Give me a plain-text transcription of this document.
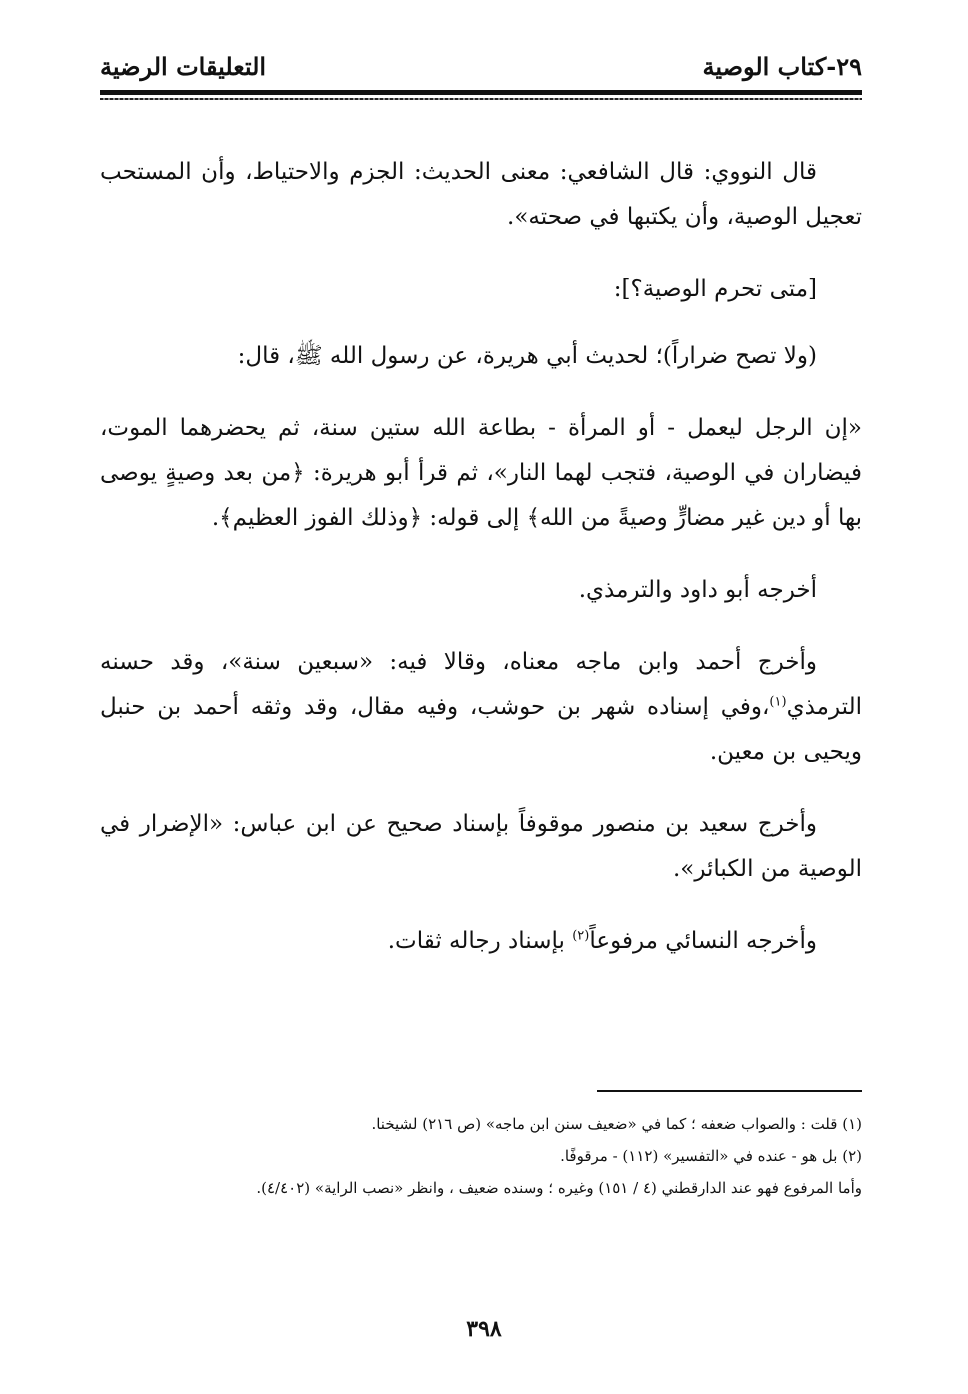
٢٩-كتاب الوصية
التعليقات الرضية

قال النووي: قال الشافعي: معنى الحديث: الجزم والاحتياط، وأن المستحب تعجيل الوصية، وأن يكتبها في صحته».

[متى تحرم الوصية؟]:

(ولا تصح ضراراً)؛ لحديث أبي هريرة، عن رسول الله ﷺ، قال:

«إن الرجل ليعمل - أو المرأة - بطاعة الله ستين سنة، ثم يحضرهما الموت، فيضاران في الوصية، فتجب لهما النار»، ثم قرأ أبو هريرة: ﴿من بعد وصيةٍ يوصى بها أو دين غير مضارٍّ وصيةً من الله﴾ إلى قوله: ﴿وذلك الفوز العظيم﴾.

أخرجه أبو داود والترمذي.

وأخرج أحمد وابن ماجه معناه، وقالا فيه: «سبعين سنة»، وقد حسنه الترمذي$^{(١)}$،وفي إسناده شهر بن حوشب، وفيه مقال، وقد وثقه أحمد بن حنبل ويحيى بن معين.

وأخرج سعيد بن منصور موقوفاً بإسناد صحيح عن ابن عباس: «الإضرار في الوصية من الكبائر».

وأخرجه النسائي مرفوعاً$^{(٢)}$ بإسناد رجاله ثقات.

(١) قلت : والصواب ضعفه ؛ كما في «ضعيف سنن ابن ماجه» (ص ٢١٦) لشيخنا.

(٢) بل هو - عنده في «التفسير» (١١٢) - مرقوفًا.

وأما المرفوع فهو عند الدارقطني (٤ / ١٥١) وغيره ؛ وسنده ضعيف ، وانظر «نصب الراية» (٤/٤٠٢).

٣٩٨
